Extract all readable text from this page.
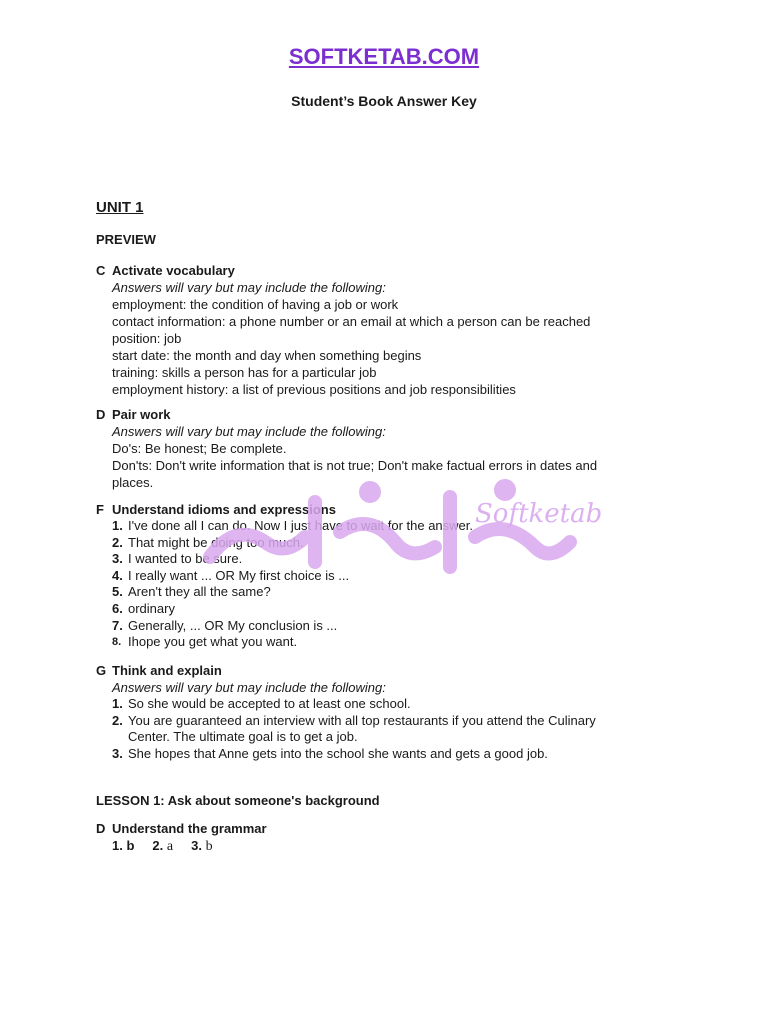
SOFTKETAB.COM
Student’s Book Answer Key
UNIT 1
PREVIEW
C Activate vocabulary
Answers will vary but may include the following:
employment: the condition of having a job or work
contact information: a phone number or an email at which a person can be reached
position: job
start date: the month and day when something begins
training: skills a person has for a particular job
employment history: a list of previous positions and job responsibilities
D Pair work
Answers will vary but may include the following:
Do's: Be honest; Be complete.
Don'ts: Don't write information that is not true; Don't make factual errors in dates and places.
F Understand idioms and expressions
1. I've done all I can do. Now I just have to wait for the answer.
2. That might be doing too much.
3. I wanted to be sure.
4. I really want ... OR My first choice is ...
5. Aren't they all the same?
6. ordinary
7. Generally, ... OR My conclusion is ...
8. Ihope you get what you want.
G Think and explain
Answers will vary but may include the following:
1. So she would be accepted to at least one school.
2. You are guaranteed an interview with all top restaurants if you attend the Culinary Center. The ultimate goal is to get a job.
3. She hopes that Anne gets into the school she wants and gets a good job.
LESSON 1: Ask about someone's background
D Understand the grammar
1. b 2. a 3. b
Softketab
